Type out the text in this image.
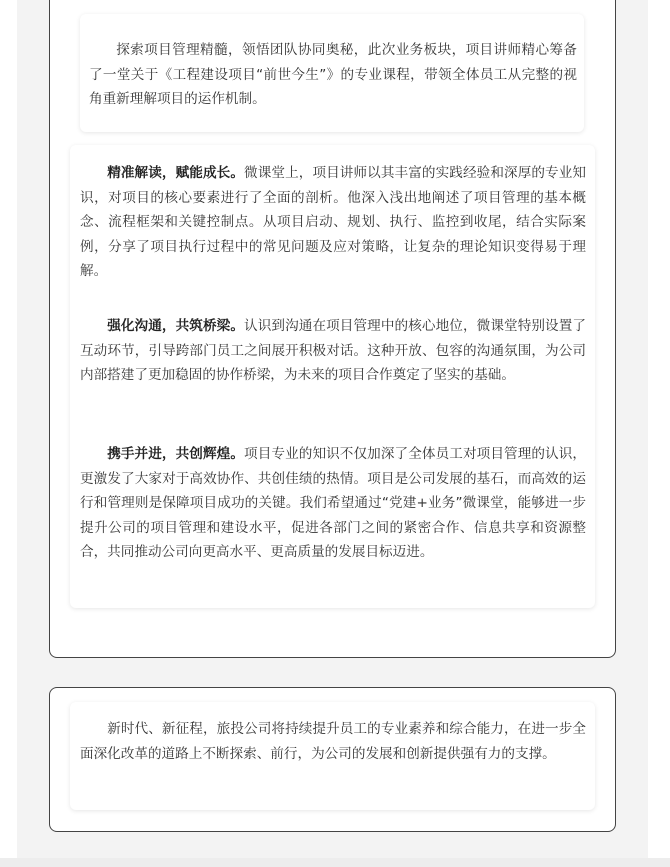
探索项目管理精髓，领悟团队协同奥秘，此次业务板块，项目讲师精心筹备了一堂关于《工程建设项目“前世今生”》的专业课程，带领全体员工从完整的视角重新理解项目的运作机制。

精准解读，赋能成长。微课堂上，项目讲师以其丰富的实践经验和深厚的专业知识，对项目的核心要素进行了全面的剖析。他深入浅出地阐述了项目管理的基本概念、流程框架和关键控制点。从项目启动、规划、执行、监控到收尾，结合实际案例，分享了项目执行过程中的常见问题及应对策略，让复杂的理论知识变得易于理解。

强化沟通，共筑桥梁。认识到沟通在项目管理中的核心地位，微课堂特别设置了互动环节，引导跨部门员工之间展开积极对话。这种开放、包容的沟通氛围，为公司内部搭建了更加稳固的协作桥梁，为未来的项目合作奠定了坚实的基础。

携手并进，共创辉煌。项目专业的知识不仅加深了全体员工对项目管理的认识，更激发了大家对于高效协作、共创佳绩的热情。项目是公司发展的基石，而高效的运行和管理则是保障项目成功的关键。我们希望通过“党建+业务”微课堂，能够进一步提升公司的项目管理和建设水平，促进各部门之间的紧密合作、信息共享和资源整合，共同推动公司向更高水平、更高质量的发展目标迈进。

新时代、新征程，旅投公司将持续提升员工的专业素养和综合能力，在进一步全面深化改革的道路上不断探索、前行，为公司的发展和创新提供强有力的支撑。
